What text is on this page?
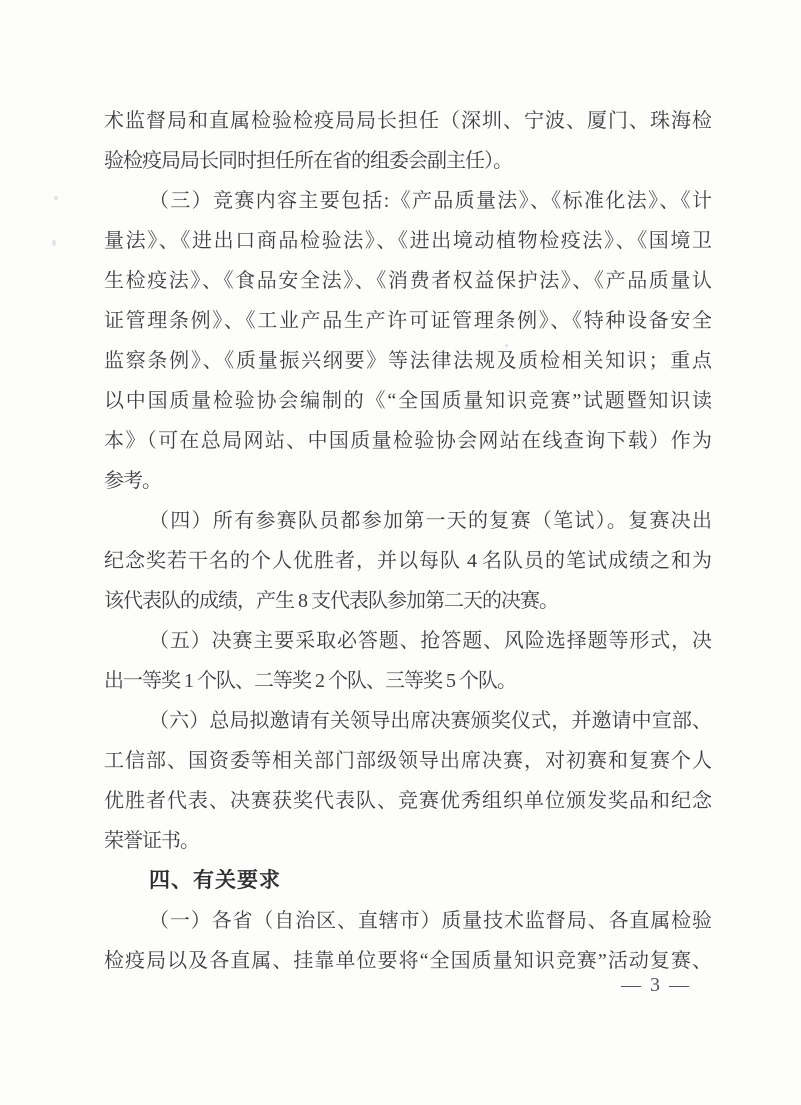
术监督局和直属检验检疫局局长担任（深圳、宁波、厦门、珠海检
验检疫局局长同时担任所在省的组委会副主任）。
（三）竞赛内容主要包括:《产品质量法》、《标准化法》、《计
量法》、《进出口商品检验法》、《进出境动植物检疫法》、《国境卫
生检疫法》、《食品安全法》、《消费者权益保护法》、《产品质量认
证管理条例》、《工业产品生产许可证管理条例》、《特种设备安全
监察条例》、《质量振兴纲要》等法律法规及质检相关知识；重点
以中国质量检验协会编制的《“全国质量知识竞赛”试题暨知识读
本》（可在总局网站、中国质量检验协会网站在线查询下载）作为
参考。
（四）所有参赛队员都参加第一天的复赛（笔试）。复赛决出
纪念奖若干名的个人优胜者，并以每队 4 名队员的笔试成绩之和为
该代表队的成绩，产生 8 支代表队参加第二天的决赛。
（五）决赛主要采取必答题、抢答题、风险选择题等形式，决
出一等奖 1 个队、二等奖 2 个队、三等奖 5 个队。
（六）总局拟邀请有关领导出席决赛颁奖仪式，并邀请中宣部、
工信部、国资委等相关部门部级领导出席决赛，对初赛和复赛个人
优胜者代表、决赛获奖代表队、竞赛优秀组织单位颁发奖品和纪念
荣誉证书。
四、有关要求
（一）各省（自治区、直辖市）质量技术监督局、各直属检验
检疫局以及各直属、挂靠单位要将“全国质量知识竞赛”活动复赛、
— 3 —
